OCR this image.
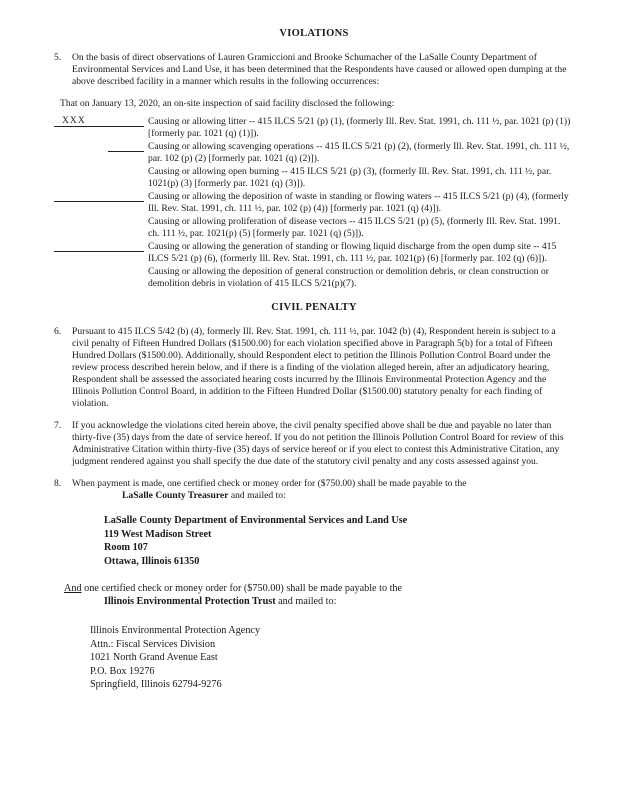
VIOLATIONS

5.	On the basis of direct observations of Lauren Gramiccioni and Brooke Schumacher of the LaSalle County Department of Environmental Services and Land Use, it has been determined that the Respondents have caused or allowed open dumping at the above described facility in a manner which results in the following occurrences:

That on January 13, 2020, an on-site inspection of said facility disclosed the following:

XXX	Causing or allowing litter -- 415 ILCS 5/21 (p) (1), (formerly Ill. Rev. Stat. 1991, ch. 111 ½, par. 1021 (p) (1)) [formerly par. 1021 (q) (1)]).
Causing or allowing scavenging operations -- 415 ILCS 5/21 (p) (2), (formerly Ill. Rev. Stat. 1991, ch. 111 ½, par. 102 (p) (2) [formerly par. 1021 (q) (2)]).
Causing or allowing open burning -- 415 ILCS 5/21 (p) (3), (formerly Ill. Rev. Stat. 1991, ch. 111 ½, par. 1021(p) (3) [formerly par. 1021 (q) (3)]).
Causing or allowing the deposition of waste in standing or flowing waters -- 415 ILCS 5/21 (p) (4), (formerly Ill. Rev. Stat. 1991, ch. 111 ½, par. 102 (p) (4)) [formerly par. 1021 (q) (4)]).
Causing or allowing proliferation of disease vectors -- 415 ILCS 5/21 (p) (5), (formerly Ill. Rev. Stat. 1991. ch. 111 ½, par. 1021(p) (5) [formerly par. 1021 (q) (5)]).
Causing or allowing the generation of standing or flowing liquid discharge from the open dump site -- 415 ILCS 5/21 (p) (6), (formerly Ill. Rev. Stat. 1991, ch. 111 ½, par. 1021(p) (6) [formerly par. 102 (q) (6)]).
Causing or allowing the deposition of general construction or demolition debris, or clean construction or demolition debris in violation of 415 ILCS 5/21(p)(7).

CIVIL PENALTY

6.	Pursuant to 415 ILCS 5/42 (b) (4), formerly Ill. Rev. Stat. 1991, ch. 111 ½, par. 1042 (b) (4), Respondent herein is subject to a civil penalty of Fifteen Hundred Dollars ($1500.00) for each violation specified above in Paragraph 5(b) for a total of Fifteen Hundred Dollars ($1500.00). Additionally, should Respondent elect to petition the Illinois Pollution Control Board under the review process described herein below, and if there is a finding of the violation alleged herein, after an adjudicatory hearing, Respondent shall be assessed the associated hearing costs incurred by the Illinois Environmental Protection Agency and the Illinois Pollution Control Board, in addition to the Fifteen Hundred Dollar ($1500.00) statutory penalty for each finding of violation.
7.	If you acknowledge the violations cited herein above, the civil penalty specified above shall be due and payable no later than thirty-five (35) days from the date of service hereof. If you do not petition the Illinois Pollution Control Board for review of this Administrative Citation within thirty-five (35) days of service hereof or if you elect to contest this Administrative Citation, any judgment rendered against you shall specify the due date of the statutory civil penalty and any costs assessed against you.
8.	When payment is made, one certified check or money order for ($750.00) shall be made payable to the
LaSalle County Treasurer and mailed to:
LaSalle County Department of Environmental Services and Land Use
119 West Madison Street
Room 107
Ottawa, Illinois 61350

And one certified check or money order for ($750.00) shall be made payable to the
Illinois Environmental Protection Trust and mailed to:

Illinois Environmental Protection Agency
Attn.: Fiscal Services Division
1021 North Grand Avenue East
P.O. Box 19276
Springfield, Illinois 62794-9276
